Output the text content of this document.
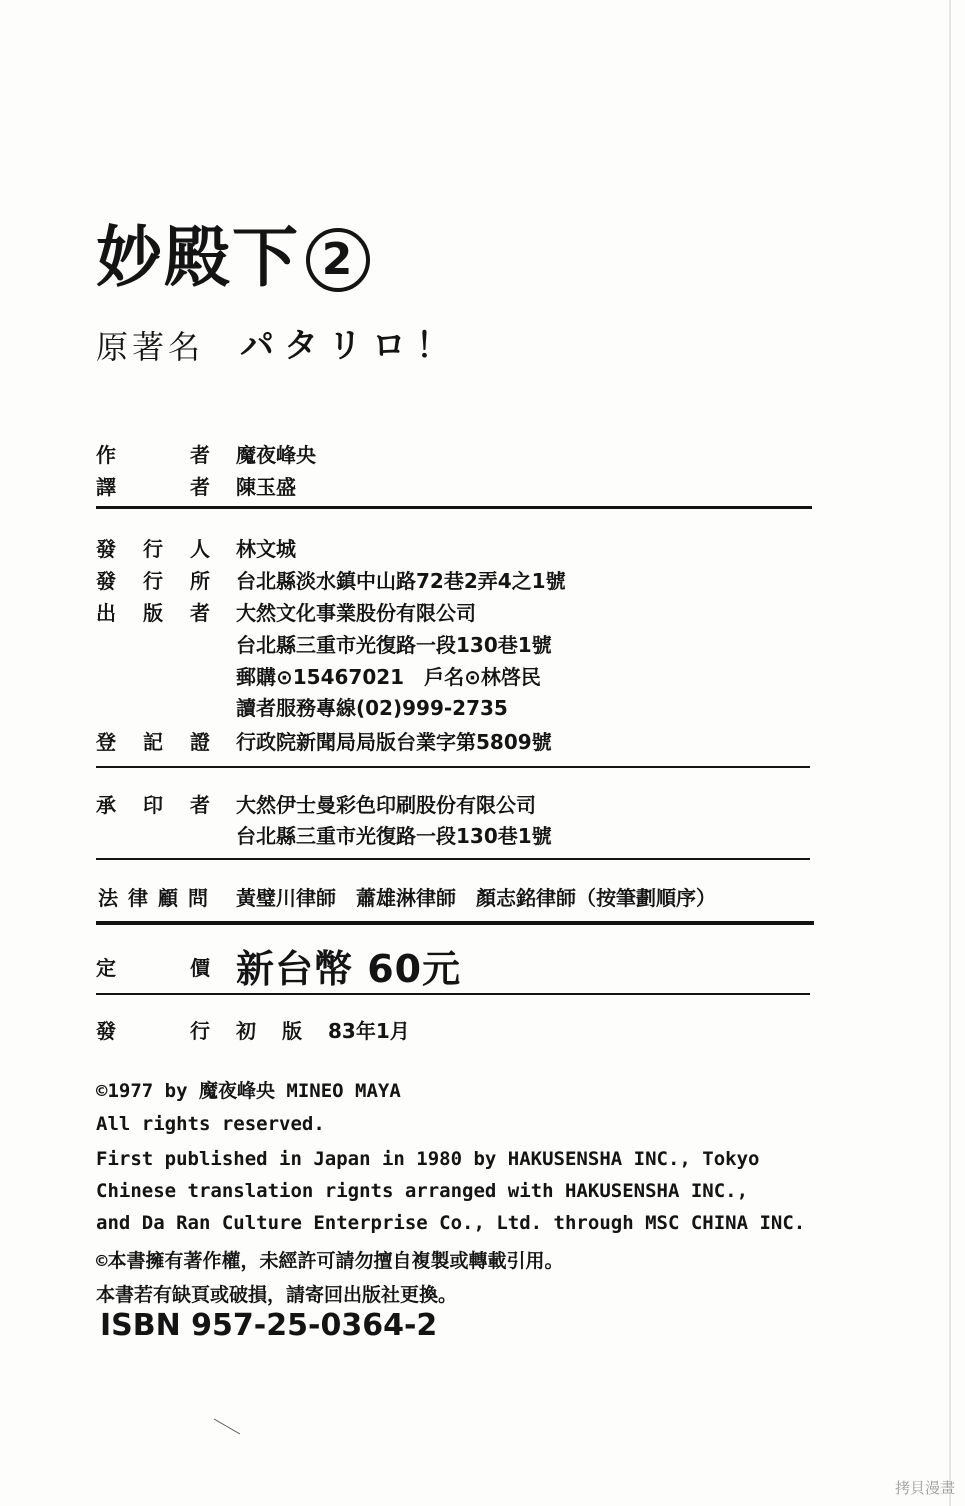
妙殿下 2
原著名 パタリロ！
作	者 魔夜峰央
譯	者 陳玉盛
發 行 人 林文城
發 行 所 台北縣淡水鎮中山路72巷2弄4之1號
出 版 者 大然文化事業股份有限公司
台北縣三重市光復路一段130巷1號
郵購⊙15467021　戶名⊙林啓民
讀者服務專線(02)999-2735
登 記 證 行政院新聞局局版台業字第5809號
承 印 者 大然伊士曼彩色印刷股份有限公司
台北縣三重市光復路一段130巷1號
法律顧問 黃璧川律師　蕭雄淋律師　顏志銘律師（按筆劃順序）
定	價 新台幣 60元
發	行 初 版 83年1月
©1977 by 魔夜峰央 MINEO MAYA
All rights reserved.
First published in Japan in 1980 by HAKUSENSHA INC., Tokyo
Chinese translation rignts arranged with HAKUSENSHA INC.,
and Da Ran Culture Enterprise Co., Ltd. through MSC CHINA INC.
©本書擁有著作權，未經許可請勿擅自複製或轉載引用。
本書若有缺頁或破損，請寄回出版社更換。
ISBN 957-25-0364-2
拷貝漫畫
